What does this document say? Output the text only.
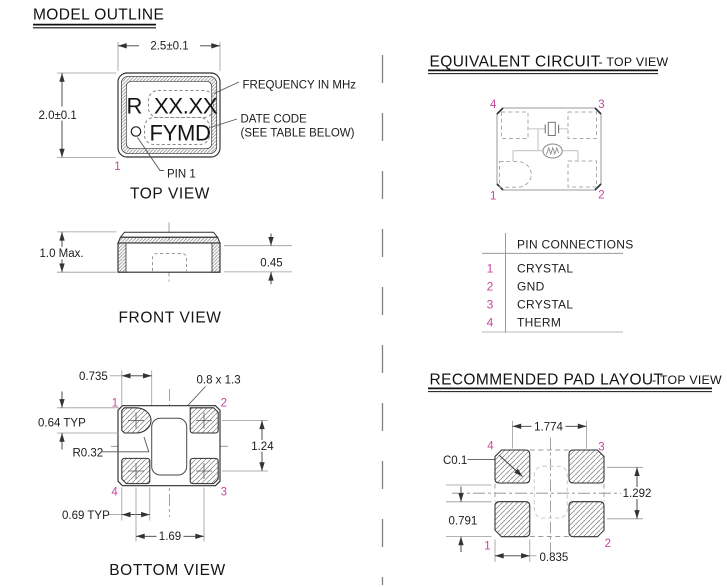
MODEL OUTLINE
2.5±0.1
2.0±0.1 R XX.XX
FYMD
1
PIN 1
FREQUENCY IN MHz
DATE CODE
(SEE TABLE BELOW)
TOP VIEW
1.0 Max.
0.45
FRONT VIEW
0.735	0.8 x 1.3
0.64 TYP
R0.32
1.24
0.69 TYP
1.69
1	2
3
4
BOTTOM VIEW
EQUIVALENT CIRCUIT
- TOP VIEW
4	3
1	2
PIN CONNECTIONS
1 CRYSTAL
2 GND
3 CRYSTAL
4 THERM
RECOMMENDED PAD LAYOUT
- TOP VIEW
1.774
C0.1
0.791
1.292
0.835
4	3
1	2
